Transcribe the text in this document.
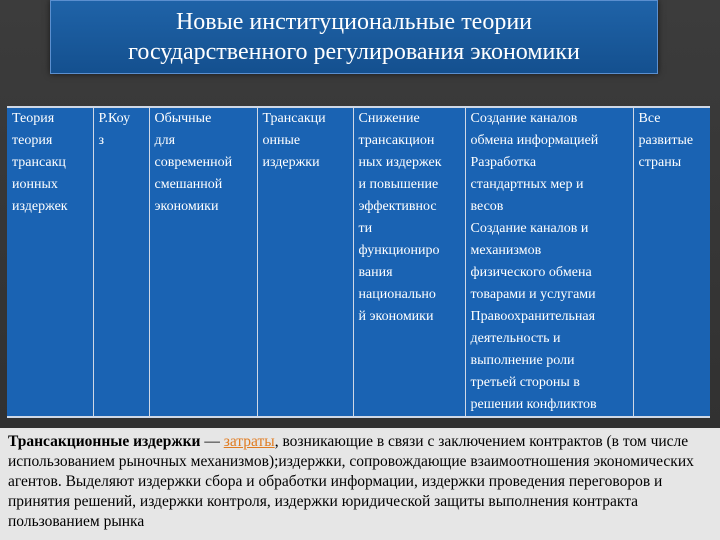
Новые институциональные теории
государственного регулирования экономики
Теория
теория
трансакц
ионных
издержек

Р.Коу
з

Обычные
для
современной
смешанной
экономики

Трансакци
онные
издержки

Снижение
трансакцион
ных издержек
и повышение
эффективнос
ти
функциониро
вания
национально
й экономики

Создание каналов
обмена информацией
Разработка
стандартных мер и
весов
Создание каналов и
механизмов
физического обмена
товарами и услугами
Правоохранительная
деятельность и
выполнение роли
третьей стороны в
решении конфликтов

Все
развитые
страны
Трансакционные издержки — затраты, возникающие в связи с заключением контрактов (в том числе использованием рыночных механизмов);издержки, сопровождающие взаимоотношения экономических агентов. Выделяют издержки сбора и обработки информации, издержки проведения переговоров и принятия решений, издержки контроля, издержки юридической защиты выполнения контракта пользованием рынка
